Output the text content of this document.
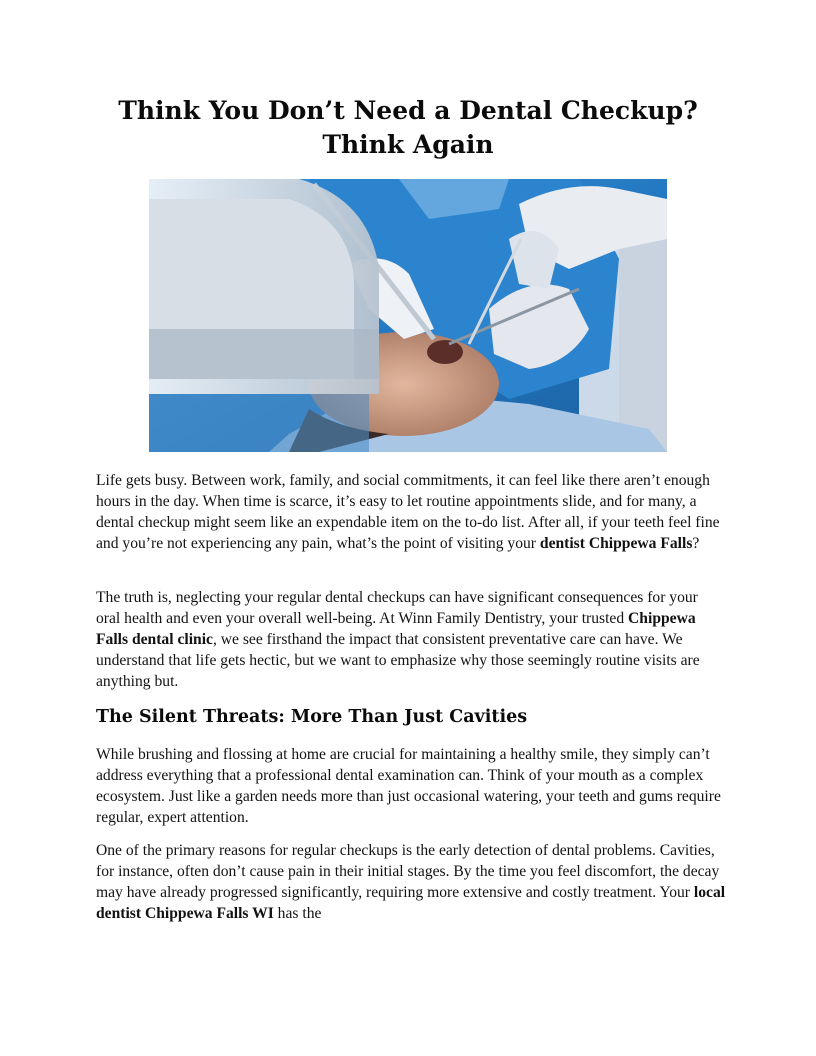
Think You Don’t Need a Dental Checkup?
Think Again

Life gets busy. Between work, family, and social commitments, it can feel like there aren’t enough hours in the day. When time is scarce, it’s easy to let routine appointments slide, and for many, a dental checkup might seem like an expendable item on the to-do list. After all, if your teeth feel fine and you’re not experiencing any pain, what’s the point of visiting your dentist Chippewa Falls?

The truth is, neglecting your regular dental checkups can have significant consequences for your oral health and even your overall well-being. At Winn Family Dentistry, your trusted Chippewa Falls dental clinic, we see firsthand the impact that consistent preventative care can have. We understand that life gets hectic, but we want to emphasize why those seemingly routine visits are anything but.

The Silent Threats: More Than Just Cavities

While brushing and flossing at home are crucial for maintaining a healthy smile, they simply can’t address everything that a professional dental examination can. Think of your mouth as a complex ecosystem. Just like a garden needs more than just occasional watering, your teeth and gums require regular, expert attention.

One of the primary reasons for regular checkups is the early detection of dental problems. Cavities, for instance, often don’t cause pain in their initial stages. By the time you feel discomfort, the decay may have already progressed significantly, requiring more extensive and costly treatment. Your local dentist Chippewa Falls WI has the
